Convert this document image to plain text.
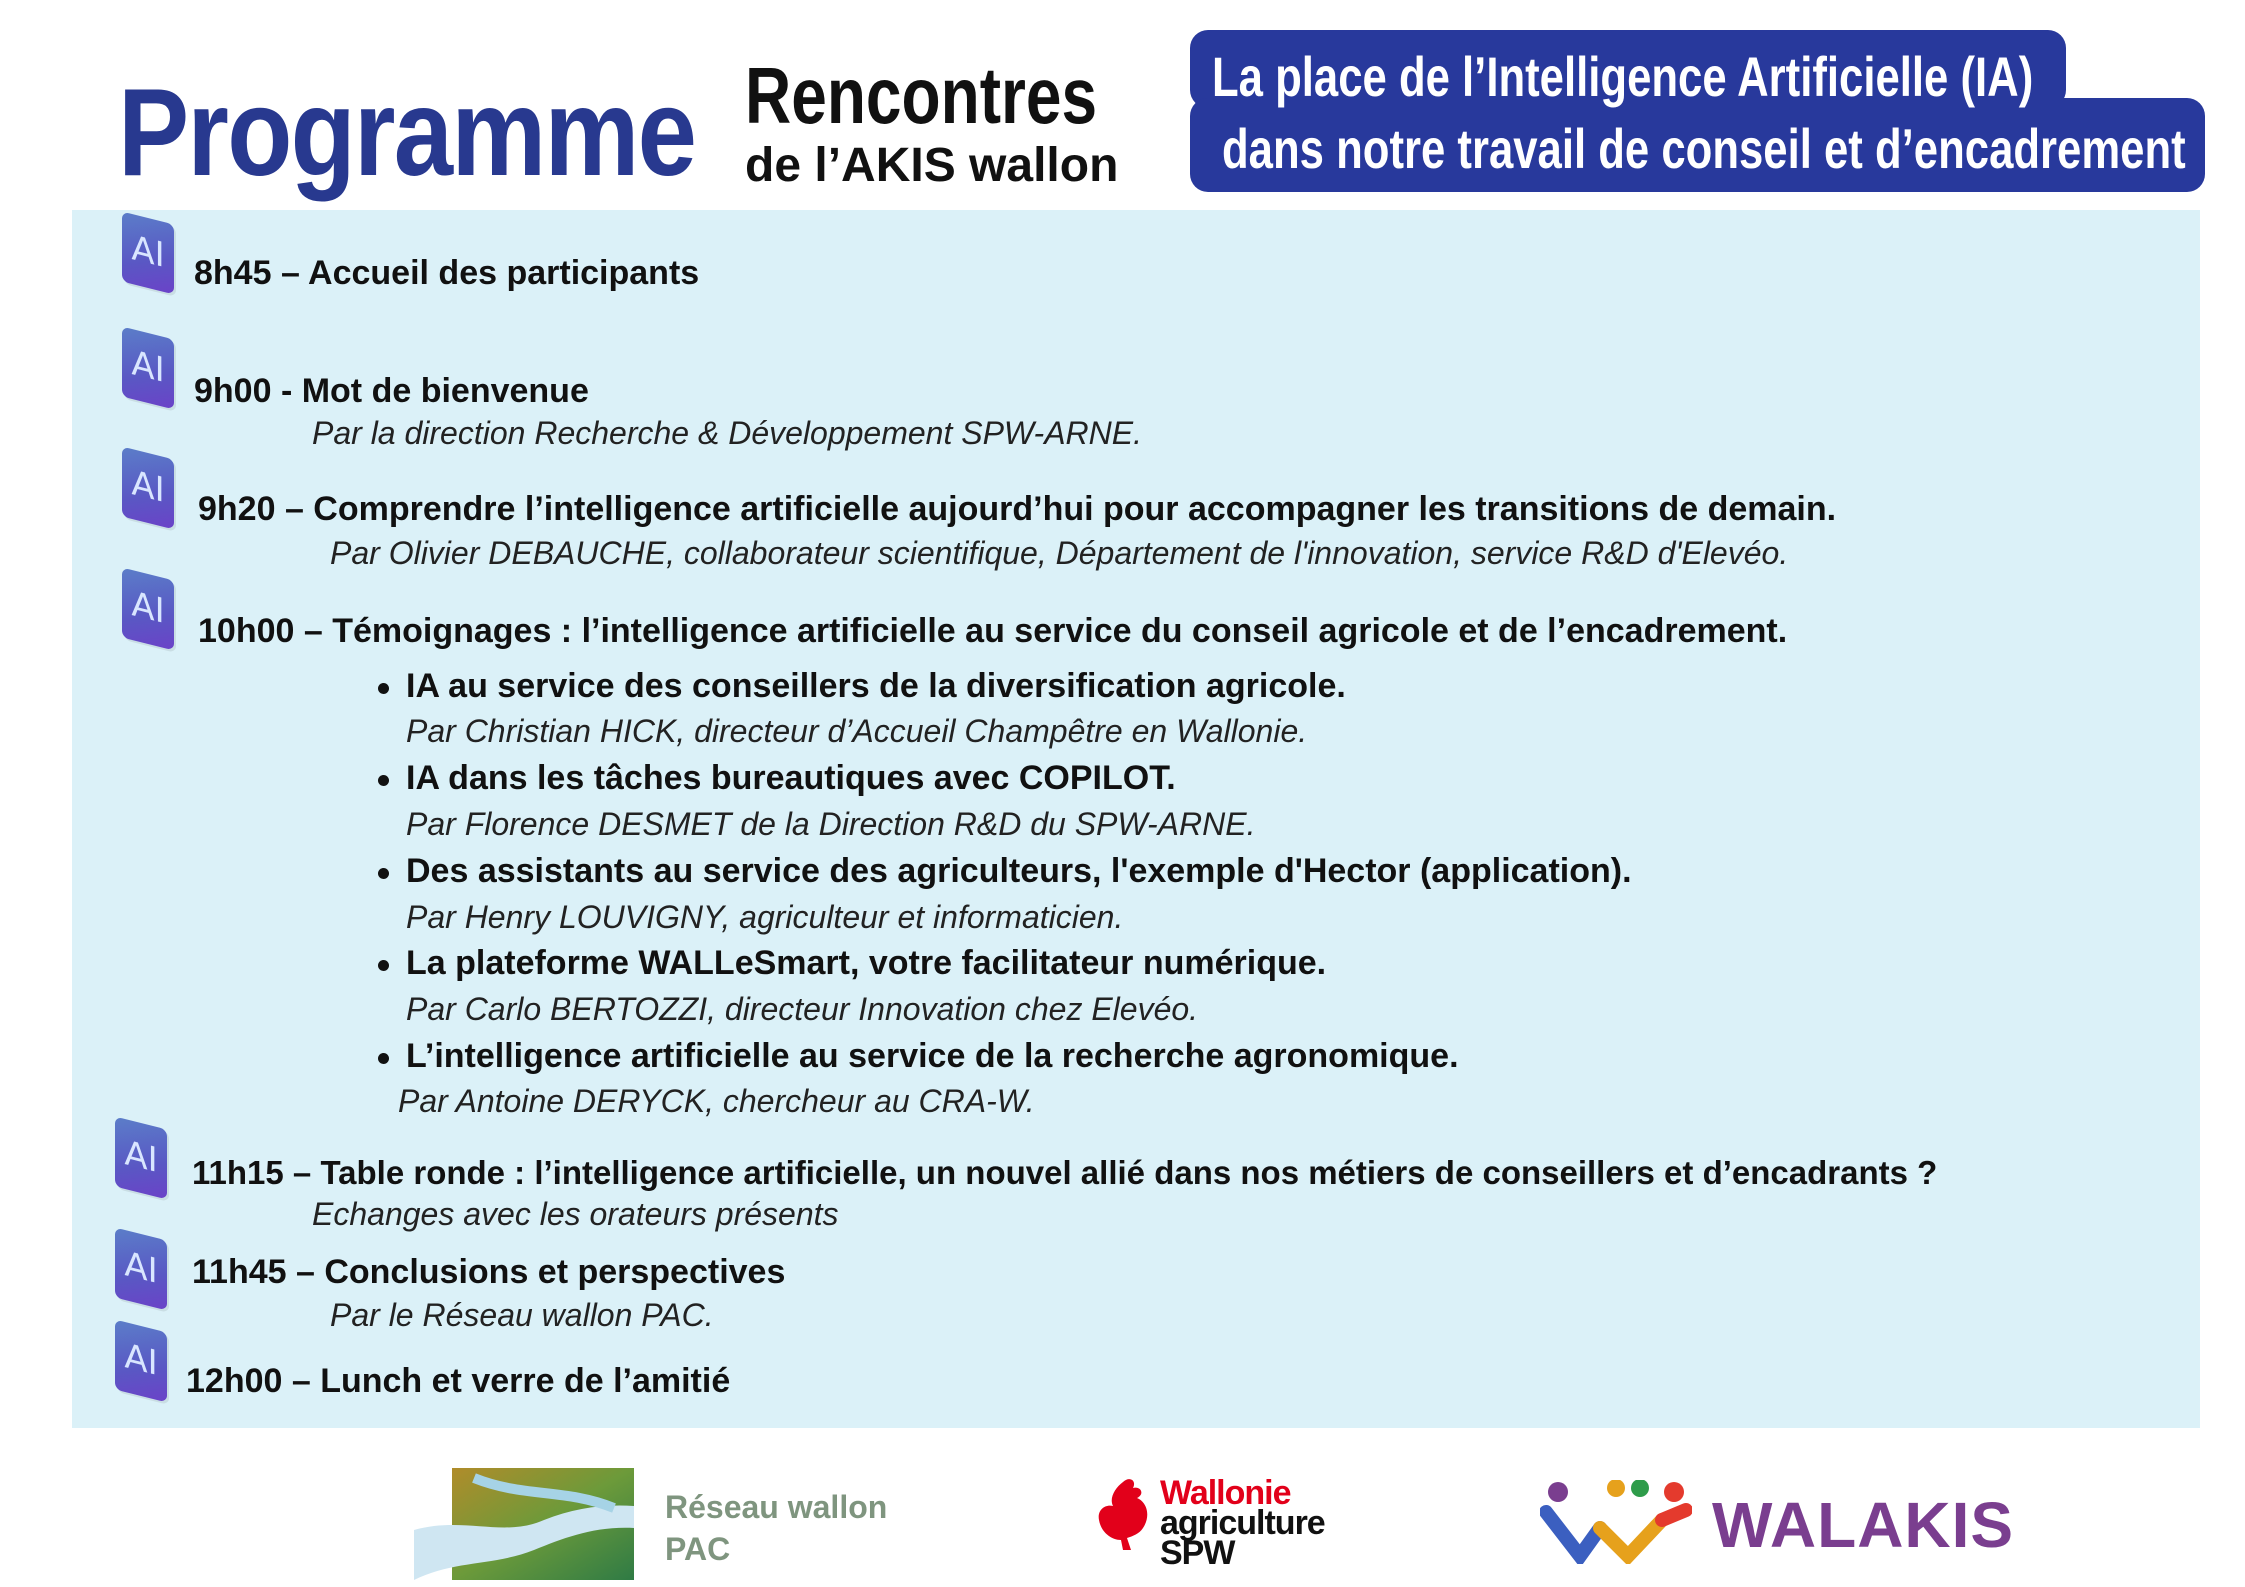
Programme Rencontres
de l’AKIS wallon
La place de l’Intelligence Artificielle (IA)
dans notre travail de conseil et d’encadrement
AI 8h45 – Accueil des participants
AI 9h00 - Mot de bienvenue
Par la direction Recherche & Développement SPW-ARNE.
AI 9h20 – Comprendre l’intelligence artificielle aujourd’hui pour accompagner les transitions de demain.
Par Olivier DEBAUCHE, collaborateur scientifique, Département de l'innovation, service R&D d'Elevéo.
AI 10h00 – Témoignages : l’intelligence artificielle au service du conseil agricole et de l’encadrement.
IA au service des conseillers de la diversification agricole.
Par Christian HICK, directeur d’Accueil Champêtre en Wallonie.
IA dans les tâches bureautiques avec COPILOT.
Par Florence DESMET de la Direction R&D du SPW-ARNE.
Des assistants au service des agriculteurs, l'exemple d'Hector (application).
Par Henry LOUVIGNY, agriculteur et informaticien.
La plateforme WALLeSmart, votre facilitateur numérique.
Par Carlo BERTOZZI, directeur Innovation chez Elevéo.
L’intelligence artificielle au service de la recherche agronomique.
Par Antoine DERYCK, chercheur au CRA-W.
AI 11h15 – Table ronde : l’intelligence artificielle, un nouvel allié dans nos métiers de conseillers et d’encadrants ?
Echanges avec les orateurs présents
AI 11h45 – Conclusions et perspectives
Par le Réseau wallon PAC.
AI 12h00 – Lunch et verre de l’amitié
Réseau wallon
PAC
Wallonie
agriculture
SPW	WALAKIS
